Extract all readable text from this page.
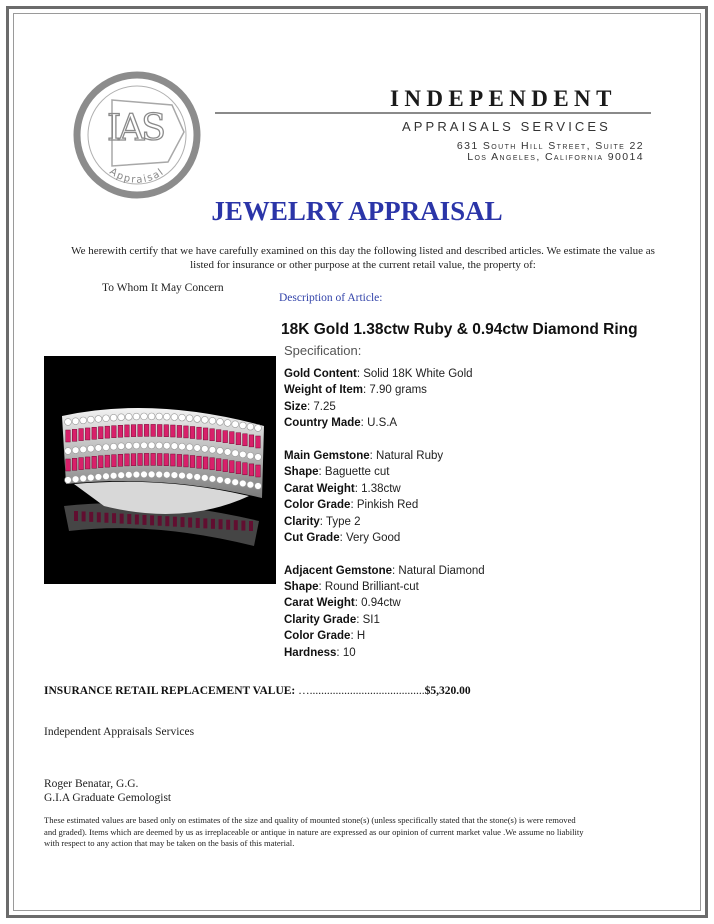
IAS
Appraisal
INDEPENDENT
APPRAISALS SERVICES
631 South Hill Street, Suite 22
Los Angeles, California 90014
JEWELRY APPRAISAL
We herewith certify that we have carefully examined on this day the following listed and described articles. We estimate the value as listed for insurance or other purpose at the current retail value, the property of:
To Whom It May Concern
Description of Article:
18K Gold 1.38ctw Ruby & 0.94ctw Diamond Ring
Specification:
Gold Content: Solid 18K White Gold
Weight of Item: 7.90 grams
Size: 7.25
Country Made: U.S.A
Main Gemstone: Natural Ruby
Shape: Baguette cut
Carat Weight: 1.38ctw
Color Grade: Pinkish Red
Clarity: Type 2
Cut Grade: Very Good
Adjacent Gemstone: Natural Diamond
Shape: Round Brilliant-cut
Carat Weight: 0.94ctw
Clarity Grade: SI1
Color Grade: H
Hardness: 10
INSURANCE RETAIL REPLACEMENT VALUE: …........................................$5,320.00
Independent Appraisals Services
Roger Benatar, G.G.
G.I.A Graduate Gemologist
These estimated values are based only on estimates of the size and quality of mounted stone(s) (unless specifically stated that the stone(s) is were removed and graded). Items which are deemed by us as irreplaceable or antique in nature are expressed as our opinion of current market value .We assume no liability with respect to any action that may be taken on the basis of this material.
